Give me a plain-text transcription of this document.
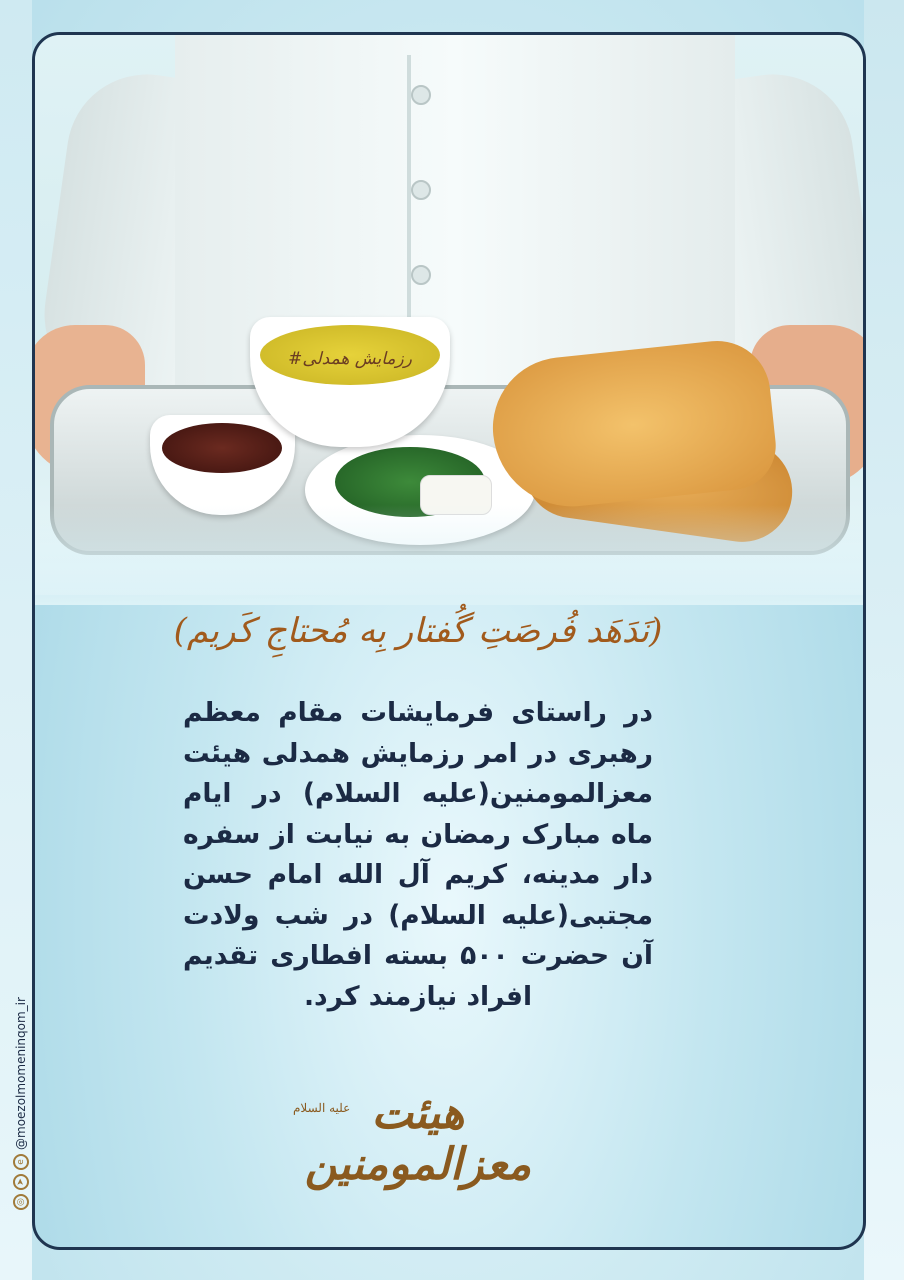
#رزمایش همدلی
(نَدَهَد فُرصَتِ گُفتار بِه مُحتاجِ کَریم)
در راستای فرمایشات مقام معظم رهبری در امر رزمایش همدلی هیئت معزالمومنین(علیه السلام) در ایام ماه مبارک رمضان به نیابت از سفره دار مدینه، کریم آل الله امام حسن مجتبی(علیه السلام) در شب ولادت آن حضرت ۵۰۰ بسته افطاری تقدیم افراد نیازمند کرد.
هیئت معزالمومنین
علیه السلام
◎
➤
e
@moezolmomeninqom_ir
